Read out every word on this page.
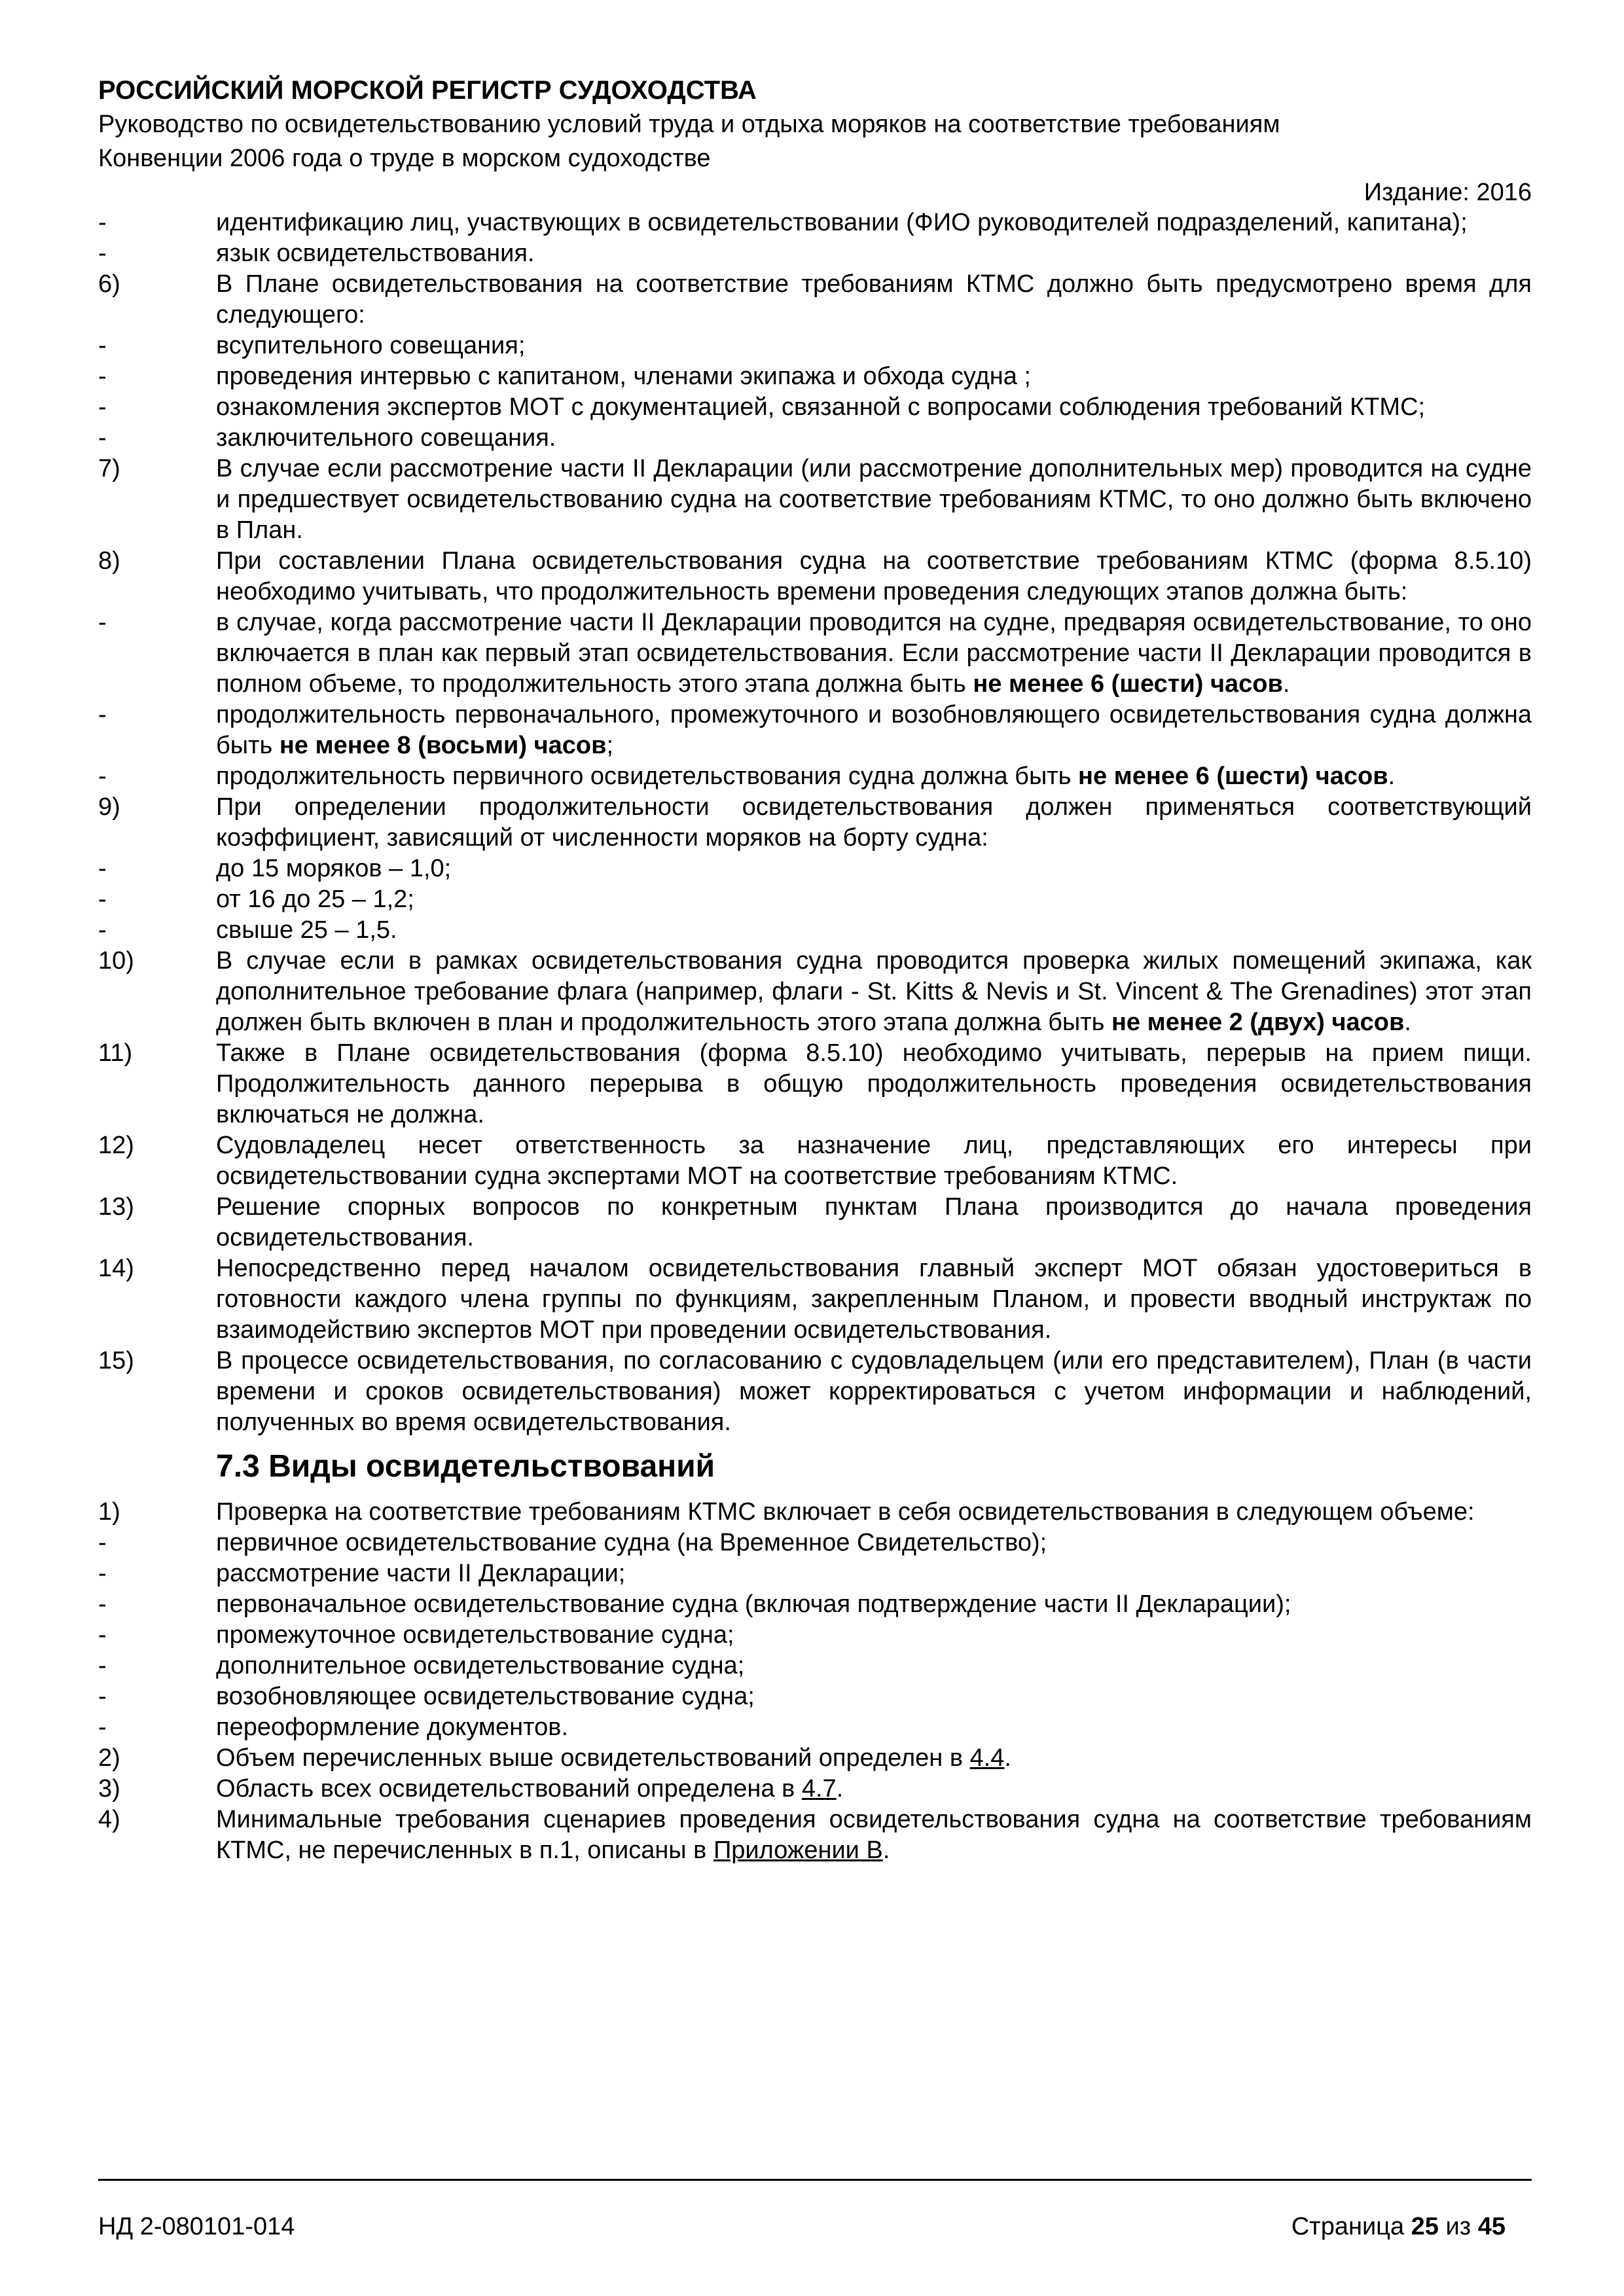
РОССИЙСКИЙ МОРСКОЙ РЕГИСТР СУДОХОДСТВА
Руководство по освидетельствованию условий труда и отдыха моряков на соответствие требованиям
Конвенции 2006 года о труде в морском судоходстве
Издание: 2016
-	идентификацию лиц, участвующих в освидетельствовании (ФИО руководителей подразделений, капитана);
-	язык освидетельствования.
6)	В Плане освидетельствования на соответствие требованиям КТМС должно быть предусмотрено время для следующего:
-	всупительного совещания;
-	проведения интервью с капитаном, членами экипажа и обхода судна ;
-	ознакомления экспертов МОТ с документацией, связанной с вопросами соблюдения требований КТМС;
-	заключительного совещания.
7)	В случае если рассмотрение части II Декларации (или рассмотрение дополнительных мер) проводится на судне и предшествует освидетельствованию судна на соответствие требованиям КТМС, то оно должно быть включено в План.
8)	При составлении Плана освидетельствования судна на соответствие требованиям КТМС (форма 8.5.10) необходимо учитывать, что продолжительность времени проведения следующих этапов должна быть:
-	в случае, когда рассмотрение части II Декларации проводится на судне, предваряя освидетельствование, то оно включается в план как первый этап освидетельствования. Если рассмотрение части II Декларации проводится в полном объеме, то продолжительность этого этапа должна быть не менее 6 (шести) часов.
-	продолжительность первоначального, промежуточного и возобновляющего освидетельствования судна должна быть не менее 8 (восьми) часов;
-	продолжительность первичного освидетельствования судна должна быть не менее 6 (шести) часов.
9)	При определении продолжительности освидетельствования должен применяться соответствующий коэффициент, зависящий от численности моряков на борту судна:
-	до 15 моряков – 1,0;
-	от 16 до 25 – 1,2;
-	свыше 25 – 1,5.
10)	В случае если в рамках освидетельствования судна проводится проверка жилых помещений экипажа, как дополнительное требование флага (например, флаги - St. Kitts & Nevis и St. Vincent & The Grenadines) этот этап должен быть включен в план и продолжительность этого этапа должна быть не менее 2 (двух) часов.
11)	Также в Плане освидетельствования (форма 8.5.10) необходимо учитывать, перерыв на прием пищи. Продолжительность данного перерыва в общую продолжительность проведения освидетельствования включаться не должна.
12)	Судовладелец несет ответственность за назначение лиц, представляющих его интересы при освидетельствовании судна экспертами МОТ на соответствие требованиям КТМС.
13)	Решение спорных вопросов по конкретным пунктам Плана производится до начала проведения освидетельствования.
14)	Непосредственно перед началом освидетельствования главный эксперт МОТ обязан удостовериться в готовности каждого члена группы по функциям, закрепленным Планом, и провести вводный инструктаж по взаимодействию экспертов МОТ при проведении освидетельствования.
15)	В процессе освидетельствования, по согласованию с судовладельцем (или его представителем), План (в части времени и сроков освидетельствования) может корректироваться с учетом информации и наблюдений, полученных во время освидетельствования.
7.3 Виды освидетельствований
1)	Проверка на соответствие требованиям КТМС включает в себя освидетельствования в следующем объеме:
-	первичное освидетельствование судна (на Временное Свидетельство);
-	рассмотрение части II Декларации;
-	первоначальное освидетельствование судна (включая подтверждение части II Декларации);
-	промежуточное освидетельствование судна;
-	дополнительное освидетельствование судна;
-	возобновляющее освидетельствование судна;
-	переоформление документов.
2)	Объем перечисленных выше освидетельствований определен в 4.4.
3)	Область всех освидетельствований определена в 4.7.
4)	Минимальные требования сценариев проведения освидетельствования судна на соответствие требованиям КТМС, не перечисленных в п.1, описаны в Приложении В.
НД 2-080101-014	Страница 25 из 45
